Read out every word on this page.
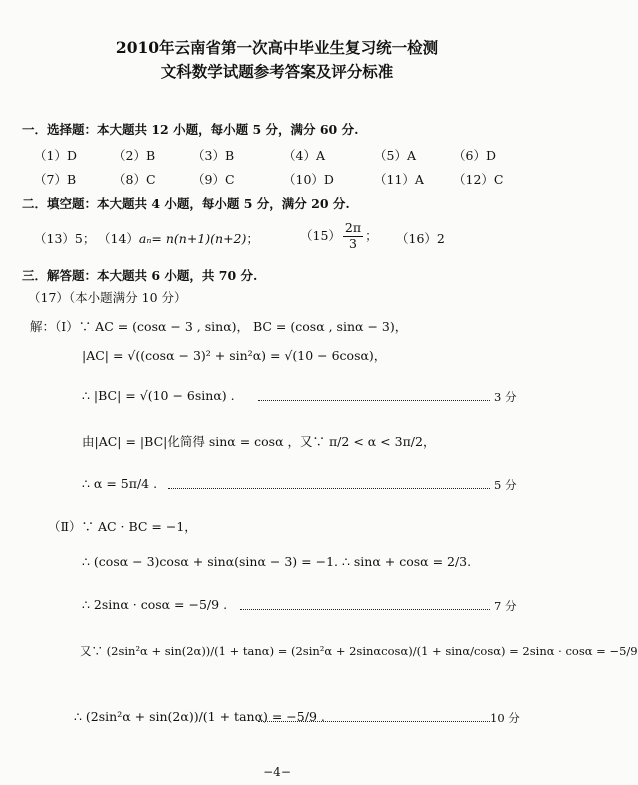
2010年云南省第一次高中毕业生复习统一检测
文科数学试题参考答案及评分标准
一．选择题：本大题共 12 小题，每小题 5 分，满分 60 分.
（1）D	（2）B	（3）B	（4）A	（5）A	（6）D
（7）B	（8）C	（9）C	（10）D	（11）A （12）C
二．填空题：本大题共 4 小题，每小题 5 分，满分 20 分.
（13）5； （14）aₙ= n(n+1)(n+2)；	$(15) \frac{2\pi}{3}$ ； （16）2
三．解答题：本大题共 6 小题，共 70 分.
（17）（本小题满分 10 分）
解：（Ⅰ）∵ AC = (cosα − 3 , sinα)， BC = (cosα , sinα − 3)，
|AC| = √((cosα − 3)² + sin²α) = √(10 − 6cosα)，
∴ |BC| = √(10 − 6sinα) .	3 分
由|AC| = |BC|化简得 sinα = cosα ，又∵ π/2 < α < 3π/2，
∴ α = 5π/4 .	5 分
（Ⅱ）∵ AC · BC = −1，
∴ (cosα − 3)cosα + sinα(sinα − 3) = −1. ∴ sinα + cosα = 2/3.
∴ 2sinα · cosα = −5/9 .	7 分
又∵ (2sin²α + sin(2α))/(1 + tanα) = (2sin²α + 2sinαcosα)/(1 + sinα/cosα) = 2sinα · cosα = −5/9
∴ (2sin²α + sin(2α))/(1 + tanα) = −5/9 .	10 分
−4−
